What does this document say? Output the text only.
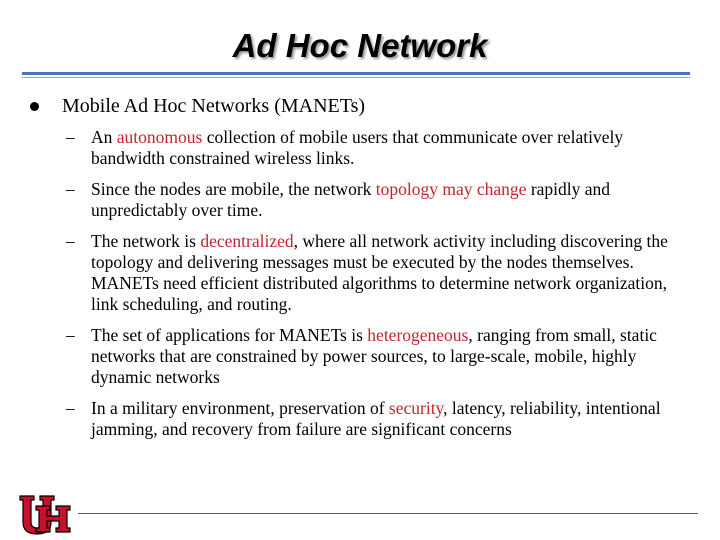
Ad Hoc Network
Mobile Ad Hoc Networks (MANETs)
– An autonomous collection of mobile users that communicate over relatively bandwidth constrained wireless links.
– Since the nodes are mobile, the network topology may change rapidly and unpredictably over time.
– The network is decentralized, where all network activity including discovering the topology and delivering messages must be executed by the nodes themselves. MANETs need efficient distributed algorithms to determine network organization, link scheduling, and routing.
– The set of applications for MANETs is heterogeneous, ranging from small, static networks that are constrained by power sources, to large-scale, mobile, highly dynamic networks
– In a military environment, preservation of security, latency, reliability, intentional jamming, and recovery from failure are significant concerns
